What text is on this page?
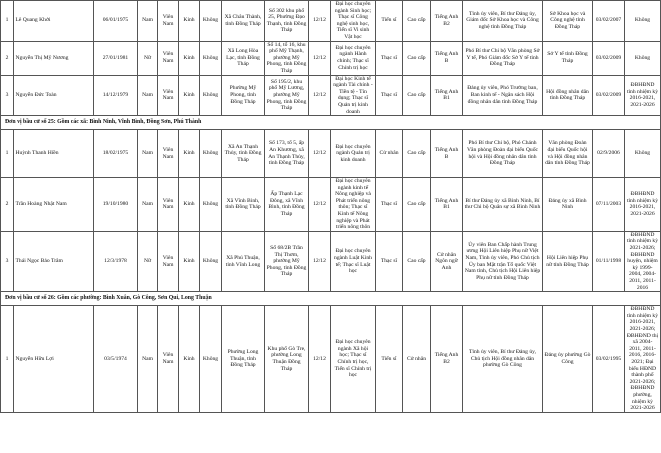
1	Lê Quang Khởi	06/01/1975	Nam	Viên Nam	Kinh	Không	Xã Châu Thành, tỉnh Đồng Tháp	Số 302 khu phố 25, Phường Đạo Thạnh, tỉnh Đồng Tháp	12/12	Đại học chuyên ngành Sinh học; Thạc sĩ Công nghệ sinh học, Tiến sĩ Vi sinh Vật học	Tiến sĩ	Cao cấp	Tiếng Anh B2	Tỉnh ủy viên, Bí thư Đảng ủy, Giám đốc Sở Khoa học và Công nghệ tỉnh Đồng Tháp	Sở Khoa học và Công nghệ tỉnh Đồng Tháp	03/02/2007	Không
2	Nguyễn Thị Mỹ Nương	27/01/1981	Nữ	Viên Nam	Kinh	Không	Xã Long Hòa Lạc, tỉnh Đồng Tháp	Số 14, tổ 16, khu phố Mỹ Thạnh, phường Mỹ Phong, tỉnh Đồng Tháp	12/12	Đại học chuyên ngành Hành chính; Thạc sĩ Chính trị học	Thạc sĩ	Cao cấp	Tiếng Anh B	Phó Bí thư Chi bộ Văn phòng Sở Y tế, Phó Giám đốc Sở Y tế tỉnh Đồng Tháp	Sở Y tế tỉnh Đồng Tháp	03/02/2009	Không
3	Nguyễn Đức Toàn	14/12/1979	Nam	Viên Nam	Kinh	Không	Phường Mỹ Phong, tỉnh Đồng Tháp	Số 195/2, khu phố Mỹ Lương, phường Mỹ Phong, tỉnh Đồng Tháp	12/12	Đại học Kinh tế ngành Tài chính - Tiền tệ - Tín dụng; Thạc sĩ Quản trị kinh doanh	Thạc sĩ	Cao cấp	Tiếng Anh B1	Đảng ủy viên, Phó Trưởng ban, Ban kinh tế - Ngân sách Hội đồng nhân dân tỉnh Đồng Tháp	Hội đồng nhân dân tỉnh Đồng Tháp	03/02/2009	ĐBHĐND tỉnh nhiệm kỳ 2016-2021, 2021-2026
Đơn vị bầu cử số 25: Gồm các xã: Bình Ninh, Vĩnh Bình, Đồng Sơn, Phú Thành																	
1	Huỳnh Thanh Hiền	18/02/1975	Nam	Viên Nam	Kinh	Không	Xã An Thạnh Thủy, tỉnh Đồng Tháp	Số 173, tổ 5, ấp An Khương, xã An Thạnh Thủy, tỉnh Đồng Tháp	12/12	Đại học chuyên ngành Quản trị kinh doanh	Cử nhân	Cao cấp	Tiếng Anh B	Phó Bí thư Chi bộ, Phó Chánh Văn phòng Đoàn đại biểu Quốc hội và Hội đồng nhân dân tỉnh Đồng Tháp	Văn phòng Đoàn đại biểu Quốc hội và Hội đồng nhân dân tỉnh Đồng Tháp	02/9/2006	Không
2	Trần Hoàng Nhật Nam	19/10/1980	Nam	Viên Nam	Kinh	Không	Xã Vĩnh Bình, tỉnh Đồng Tháp	Ấp Thạnh Lạc Đông, xã Vĩnh Bình, tỉnh Đồng Tháp	12/12	Đại học chuyên ngành kinh tế Nông nghiệp và Phát triển nông thôn; Thạc sĩ Kinh tế Nông nghiệp và Phát triển nông thôn	Thạc sĩ	Cao cấp	Tiếng Anh B1	Bí thư Đảng ủy xã Bình Ninh, Bí thư Chi bộ Quân sự xã Bình Ninh	Đảng ủy xã Bình Ninh	07/11/2003	ĐBHĐND tỉnh nhiệm kỳ 2016-2021, 2021-2026
3	Thái Ngọc Bảo Trâm	12/3/1978	Nữ	Viên Nam	Kinh	Không	Xã Phú Thuận, tỉnh Vĩnh Long	Số 68/2B Trần Thị Thơm, phường Mỹ Phong, tỉnh Đồng Tháp	12/12	Đại học chuyên ngành Luật Kinh tế; Thạc sĩ Luật học	Thạc sĩ	Cao cấp	Cử nhân Ngôn ngữ Anh	Ủy viên Ban Chấp hành Trung ương Hội Liên hiệp Phụ nữ Việt Nam, Tỉnh ủy viên, Phó Chủ tịch Ủy ban Mặt trận Tổ quốc Việt Nam tỉnh, Chủ tịch Hội Liên hiệp Phụ nữ tỉnh Đồng Tháp	Hội Liên hiệp Phụ nữ tỉnh Đồng Tháp	01/11/1998	ĐBHĐND tỉnh nhiệm kỳ 2021-2026; ĐBHĐND huyện, nhiệm kỳ 1999-2004, 2004-2011, 2011-2016
Đơn vị bầu cử số 26: Gồm các phường: Bình Xuân, Gò Công, Sơn Qui, Long Thuận																	
1	Nguyễn Hữu Lợi	03/5/1974	Nam	Viên Nam	Kinh	Không	Phường Long Thuận, tỉnh Đồng Tháp	Khu phố Gò Tre, phường Long Thuận Đồng Tháp	12/12	Đại học chuyên ngành Xã hội học; Thạc sĩ Chính trị học, Tiến sĩ Chính trị học	Tiến sĩ	Cử nhân	Tiếng Anh B2	Tỉnh ủy viên, Bí thư Đảng ủy, Chủ tịch Hội đồng nhân dân phường Gò Công	Đảng ủy phường Gò Công	03/02/1995	ĐBHĐND tỉnh nhiệm kỳ 2016-2021, 2021-2026; ĐBHĐND thị xã 2004-2011, 2011-2016, 2016-2021; Đại biểu HĐND thành phố 2021-2026; ĐBHĐND phường, nhiệm kỳ 2021-2026
